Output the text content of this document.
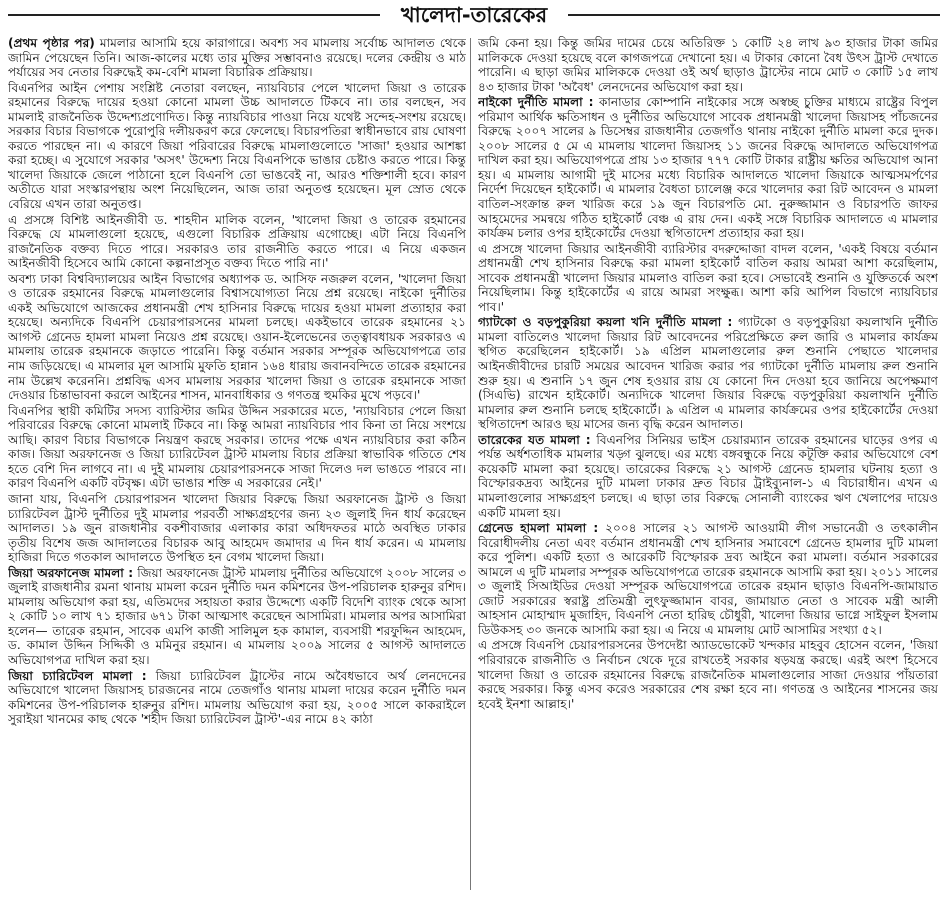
খালেদা-তারেকের

(প্রথম পৃষ্ঠার পর) মামলার আসামি হয়ে কারাগারে। অবশ্য সব মামলায় সর্বোচ্চ আদালত থেকে জামিন পেয়েছেন তিনি। আজ-কালের মধ্যে তার মুক্তির সম্ভাবনাও রয়েছে। দলের কেন্দ্রীয় ও মাঠ পর্যায়ের সব নেতার বিরুদ্ধেই কম-বেশি মামলা বিচারিক প্রক্রিয়ায়।

বিএনপির আইন পেশায় সংশ্লিষ্ট নেতারা বলছেন, ন্যায়বিচার পেলে খালেদা জিয়া ও তারেক রহমানের বিরুদ্ধে দায়ের হওয়া কোনো মামলা উচ্চ আদালতে টিকবে না। তার বলছেন, সব মামলাই রাজনৈতিক উদ্দেশ্যপ্রণোদিত। কিন্তু ন্যায়বিচার পাওয়া নিয়ে যথেষ্ট সন্দেহ-সংশয় রয়েছে। সরকার বিচার বিভাগকে পুরোপুরি দলীয়করণ করে ফেলেছে। বিচারপতিরা স্বাধীনভাবে রায় ঘোষণা করতে পারছেন না। এ কারণে জিয়া পরিবারের বিরুদ্ধে মামলাগুলোতে 'সাজা' হওয়ার আশঙ্কা করা হচ্ছে। এ সুযোগে সরকার 'অসৎ' উদ্দেশ্য নিয়ে বিএনপিকে ভাঙার চেষ্টাও করতে পারে। কিন্তু খালেদা জিয়াকে জেলে পাঠানো হলে বিএনপি তো ভাঙবেই না, আরও শক্তিশালী হবে। কারণ অতীতে যারা সংস্কারপন্থায় অংশ নিয়েছিলেন, আজ তারা অনুতপ্ত হয়েছেন। মূল স্রোত থেকে বেরিয়ে এখন তারা অনুতপ্ত।

এ প্রসঙ্গে বিশিষ্ট আইনজীবী ড. শাহদীন মালিক বলেন, 'খালেদা জিয়া ও তারেক রহমানের বিরুদ্ধে যে মামলাগুলো হয়েছে, এগুলো বিচারিক প্রক্রিয়ায় এগোচ্ছে। এটা নিয়ে বিএনপি রাজনৈতিক বক্তব্য দিতে পারে। সরকারও তার রাজনীতি করতে পারে। এ নিয়ে একজন আইনজীবী হিসেবে আমি কোনো কল্পনাপ্রসূত বক্তব্য দিতে পারি না।'

অবশ্য ঢাকা বিশ্ববিদ্যালয়ের আইন বিভাগের অধ্যাপক ড. আসিফ নজরুল বলেন, 'খালেদা জিয়া ও তারেক রহমানের বিরুদ্ধে মামলাগুলোর বিশ্বাসযোগ্যতা নিয়ে প্রশ্ন রয়েছে। নাইকো দুর্নীতির একই অভিযোগে আজকের প্রধানমন্ত্রী শেখ হাসিনার বিরুদ্ধে দায়ের হওয়া মামলা প্রত্যাহার করা হয়েছে। অন্যদিকে বিএনপি চেয়ারপারসনের মামলা চলছে। একইভাবে তারেক রহমানের ২১ আগস্ট গ্রেনেড হামলা মামলা নিয়েও প্রশ্ন রয়েছে। ওয়ান-ইলেভেনের তত্ত্বাবধায়ক সরকারও এ মামলায় তারেক রহমানকে জড়াতে পারেনি। কিন্তু বর্তমান সরকার সম্পূরক অভিযোগপত্রে তার নাম জড়িয়েছে। এ মামলার মূল আসামি মুফতি হান্নান ১৬৪ ধারায় জবানবন্দিতে তারেক রহমানের নাম উল্লেখ করেননি। প্রশ্নবিদ্ধ এসব মামলায় সরকার খালেদা জিয়া ও তারেক রহমানকে সাজা দেওয়ার চিন্তাভাবনা করলে আইনের শাসন, মানবাধিকার ও গণতন্ত্র হুমকির মুখে পড়বে।'

বিএনপির স্থায়ী কমিটির সদস্য ব্যারিস্টার জমির উদ্দিন সরকারের মতে, 'ন্যায়বিচার পেলে জিয়া পরিবারের বিরুদ্ধে কোনো মামলাই টিকবে না। কিন্তু আমরা ন্যায়বিচার পাব কিনা তা নিয়ে সংশয়ে আছি। কারণ বিচার বিভাগকে নিয়ন্ত্রণ করছে সরকার। তাদের পক্ষে এখন ন্যায়বিচার করা কঠিন কাজ। জিয়া অরফানেজ ও জিয়া চ্যারিটেবল ট্রাস্ট মামলায় বিচার প্রক্রিয়া স্বাভাবিক গতিতে শেষ হতে বেশি দিন লাগবে না। এ দুই মামলায় চেয়ারপারসনকে সাজা দিলেও দল ভাঙতে পারবে না। কারণ বিএনপি একটি বটবৃক্ষ। এটা ভাঙার শক্তি এ সরকারের নেই।'

জানা যায়, বিএনপি চেয়ারপারসন খালেদা জিয়ার বিরুদ্ধে জিয়া অরফানেজ ট্রাস্ট ও জিয়া চ্যারিটেবল ট্রাস্ট দুর্নীতির দুই মামলার পরবর্তী সাক্ষ্যগ্রহণের জন্য ২৩ জুলাই দিন ধার্য করেছেন আদালত। ১৯ জুন রাজধানীর বকশীবাজার এলাকার কারা অধিদফতর মাঠে অবস্থিত ঢাকার তৃতীয় বিশেষ জজ আদালতের বিচারক আবু আহমেদ জমাদার এ দিন ধার্য করেন। এ মামলায় হাজিরা দিতে গতকাল আদালতে উপস্থিত হন বেগম খালেদা জিয়া।

জিয়া অরফানেজ মামলা : জিয়া অরফানেজ ট্রাস্ট মামলায় দুর্নীতির অভিযোগে ২০০৮ সালের ৩ জুলাই রাজধানীর রমনা থানায় মামলা করেন দুর্নীতি দমন কমিশনের উপ-পরিচালক হারুনুর রশিদ। মামলায় অভিযোগ করা হয়, এতিমদের সহায়তা করার উদ্দেশ্যে একটি বিদেশি ব্যাংক থেকে আসা ২ কোটি ১০ লাখ ৭১ হাজার ৬৭১ টাকা আত্মসাৎ করেছেন আসামিরা। মামলার অপর আসামিরা হলেন— তারেক রহমান, সাবেক এমপি কাজী সালিমুল হক কামাল, ব্যবসায়ী শরফুদ্দিন আহমেদ, ড. কামাল উদ্দিন সিদ্দিকী ও মমিনুর রহমান। এ মামলায় ২০০৯ সালের ৫ আগস্ট আদালতে অভিযোগপত্র দাখিল করা হয়।

জিয়া চ্যারিটেবল মামলা : জিয়া চ্যারিটেবল ট্রাস্টের নামে অবৈধভাবে অর্থ লেনদেনের অভিযোগে খালেদা জিয়াসহ চারজনের নামে তেজগাঁও থানায় মামলা দায়ের করেন দুর্নীতি দমন কমিশনের উপ-পরিচালক হারুনুর রশিদ। মামলায় অভিযোগ করা হয়, ২০০৫ সালে কাকরাইলে সুরাইয়া খানমের কাছ থেকে 'শহীদ জিয়া চ্যারিটেবল ট্রাস্ট'-এর নামে ৪২ কাঠা

জমি কেনা হয়। কিন্তু জমির দামের চেয়ে অতিরিক্ত ১ কোটি ২৪ লাখ ৯৩ হাজার টাকা জমির মালিককে দেওয়া হয়েছে বলে কাগজপত্রে দেখানো হয়। এ টাকার কোনো বৈধ উৎস ট্রাস্ট দেখাতে পারেনি। এ ছাড়া জমির মালিককে দেওয়া ওই অর্থ ছাড়াও ট্রাস্টের নামে মোট ৩ কোটি ১৫ লাখ ৪৩ হাজার টাকা 'অবৈধ' লেনদেনের অভিযোগ করা হয়।

নাইকো দুর্নীতি মামলা : কানাডার কোম্পানি নাইকোর সঙ্গে অস্বচ্ছ চুক্তির মাধ্যমে রাষ্ট্রের বিপুল পরিমাণ আর্থিক ক্ষতিসাধন ও দুর্নীতির অভিযোগে সাবেক প্রধানমন্ত্রী খালেদা জিয়াসহ পাঁচজনের বিরুদ্ধে ২০০৭ সালের ৯ ডিসেম্বর রাজধানীর তেজগাঁও থানায় নাইকো দুর্নীতি মামলা করে দুদক। ২০০৮ সালের ৫ মে এ মামলায় খালেদা জিয়াসহ ১১ জনের বিরুদ্ধে আদালতে অভিযোগপত্র দাখিল করা হয়। অভিযোগপত্রে প্রায় ১৩ হাজার ৭৭৭ কোটি টাকার রাষ্ট্রীয় ক্ষতির অভিযোগ আনা হয়। এ মামলায় আগামী দুই মাসের মধ্যে বিচারিক আদালতে খালেদা জিয়াকে আত্মসমর্পণের নির্দেশ দিয়েছেন হাইকোর্ট। এ মামলার বৈধতা চ্যালেঞ্জ করে খালেদার করা রিট আবেদন ও মামলা বাতিল-সংক্রান্ত রুল খারিজ করে ১৯ জুন বিচারপতি মো. নুরুজ্জামান ও বিচারপতি জাফর আহমেদের সমন্বয়ে গঠিত হাইকোর্ট বেঞ্চ এ রায় দেন। একই সঙ্গে বিচারিক আদালতে এ মামলার কার্যক্রম চলার ওপর হাইকোর্টের দেওয়া স্থগিতাদেশ প্রত্যাহার করা হয়।

এ প্রসঙ্গে খালেদা জিয়ার আইনজীবী ব্যারিস্টার বদরুদ্দোজা বাদল বলেন, 'একই বিষয়ে বর্তমান প্রধানমন্ত্রী শেখ হাসিনার বিরুদ্ধে করা মামলা হাইকোর্ট বাতিল করায় আমরা আশা করেছিলাম, সাবেক প্রধানমন্ত্রী খালেদা জিয়ার মামলাও বাতিল করা হবে। সেভাবেই শুনানি ও যুক্তিতর্কে অংশ নিয়েছিলাম। কিন্তু হাইকোর্টের এ রায়ে আমরা সংক্ষুব্ধ। আশা করি আপিল বিভাগে ন্যায়বিচার পাব।'

গ্যাটকো ও বড়পুকুরিয়া কয়লা খনি দুর্নীতি মামলা : গ্যাটকো ও বড়পুকুরিয়া কয়লাখনি দুর্নীতি মামলা বাতিলেও খালেদা জিয়ার রিট আবেদনের পরিপ্রেক্ষিতে রুল জারি ও মামলার কার্যক্রম স্থগিত করেছিলেন হাইকোর্ট। ১৯ এপ্রিল মামলাগুলোর রুল শুনানি পেছাতে খালেদার আইনজীবীদের চারটি সময়ের আবেদন খারিজ করার পর গ্যাটকো দুর্নীতি মামলায় রুল শুনানি শুরু হয়। এ শুনানি ১৭ জুন শেষ হওয়ার রায় যে কোনো দিন দেওয়া হবে জানিয়ে অপেক্ষমাণ (সিএভি) রাখেন হাইকোর্ট। অন্যদিকে খালেদা জিয়ার বিরুদ্ধে বড়পুকুরিয়া কয়লাখনি দুর্নীতি মামলার রুল শুনানি চলছে হাইকোর্টে। ৯ এপ্রিল এ মামলার কার্যক্রমের ওপর হাইকোর্টের দেওয়া স্থগিতাদেশ আরও ছয় মাসের জন্য বৃদ্ধি করেন আদালত।

তারেকের যত মামলা : বিএনপির সিনিয়র ভাইস চেয়ারম্যান তারেক রহমানের ঘাড়ের ওপর এ পর্যন্ত অর্ধশতাধিক মামলার খড়্গ ঝুলছে। এর মধ্যে বঙ্গবন্ধুকে নিয়ে কটূক্তি করার অভিযোগে বেশ কয়েকটি মামলা করা হয়েছে। তারেকের বিরুদ্ধে ২১ আগস্ট গ্রেনেড হামলার ঘটনায় হত্যা ও বিস্ফোরকদ্রব্য আইনের দুটি মামলা ঢাকার দ্রুত বিচার ট্রাইব্যুনাল-১ এ বিচারাধীন। এখন এ মামলাগুলোর সাক্ষ্যগ্রহণ চলছে। এ ছাড়া তার বিরুদ্ধে সোনালী ব্যাংকের ঋণ খেলাপের দায়েও একটি মামলা হয়।

গ্রেনেড হামলা মামলা : ২০০৪ সালের ২১ আগস্ট আওয়ামী লীগ সভানেত্রী ও তৎকালীন বিরোধীদলীয় নেতা এবং বর্তমান প্রধানমন্ত্রী শেখ হাসিনার সমাবেশে গ্রেনেড হামলার দুটি মামলা করে পুলিশ। একটি হত্যা ও আরেকটি বিস্ফোরক দ্রব্য আইনে করা মামলা। বর্তমান সরকারের আমলে এ দুটি মামলার সম্পূরক অভিযোগপত্রে তারেক রহমানকে আসামি করা হয়। ২০১১ সালের ৩ জুলাই সিআইডির দেওয়া সম্পূরক অভিযোগপত্রে তারেক রহমান ছাড়াও বিএনপি-জামায়াত জোট সরকারের স্বরাষ্ট্র প্রতিমন্ত্রী লুৎফুজ্জামান বাবর, জামায়াত নেতা ও সাবেক মন্ত্রী আলী আহসান মোহাম্মাদ মুজাহিদ, বিএনপি নেতা হারিছ চৌধুরী, খালেদা জিয়ার ভাগ্নে সাইফুল ইসলাম ডিউকসহ ৩০ জনকে আসামি করা হয়। এ নিয়ে এ মামলায় মোট আসামির সংখ্যা ৫২।

এ প্রসঙ্গে বিএনপি চেয়ারপারসনের উপদেষ্টা অ্যাডভোকেট খন্দকার মাহবুব হোসেন বলেন, 'জিয়া পরিবারকে রাজনীতি ও নির্বাচন থেকে দূরে রাখতেই সরকার ষড়যন্ত্র করছে। এরই অংশ হিসেবে খালেদা জিয়া ও তারেক রহমানের বিরুদ্ধে রাজনৈতিক মামলাগুলোর সাজা দেওয়ার পাঁয়তারা করছে সরকার। কিন্তু এসব করেও সরকারের শেষ রক্ষা হবে না। গণতন্ত্র ও আইনের শাসনের জয় হবেই ইনশা আল্লাহ।'
